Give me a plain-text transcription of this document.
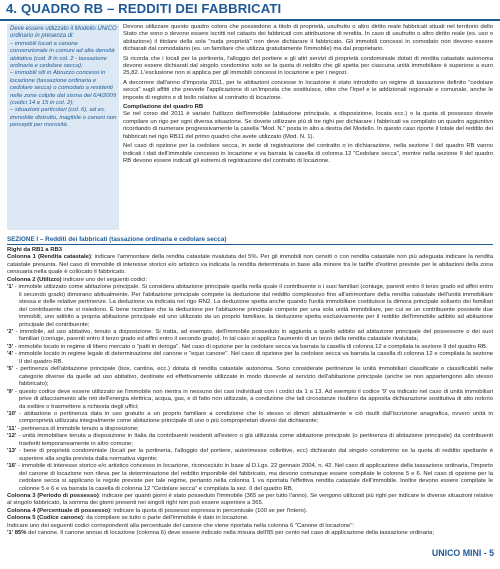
4. QUADRO RB – REDDITI DEI FABBRICATI

Deve essere utilizzato il Modello UNICO ordinario in presenza di:

– immobili locati a canone convenzionale in comuni ad alta densità abitativa (cod. 8 in col. 2 - tassazione ordinaria e cedolare secca);

– immobili siti in Abruzzo concessi in locazione (tassazione ordinaria e cedolare secca) o comodato a residenti nelle zone colpite dal sisma del 6/4/2009 (codici 14 e 15 in col. 2);

– situazioni particolari (col. 6), ad es. immobile distrutto, inagibile o canoni non percepiti per morosità.

Devono utilizzare questo quadro coloro che possiedono a titolo di proprietà, usufrutto o altro diritto reale fabbricati situati nel territorio dello Stato che sono o devono essere iscritti nel catasto dei fabbricati con attribuzione di rendita. In caso di usufrutto o altro diritto reale (es. uso o abitazione) il titolare della sola "nuda proprietà" non deve dichiarare il fabbricato. Gli immobili concessi in comodato non devono essere dichiarati dal comodatario (es. un familiare che utilizza gratuitamente l'immobile) ma dal proprietario.

Si ricorda che i locali per la portineria, l'alloggio del portiere e gli altri servizi di proprietà condominiale dotati di rendita catastale autonoma devono essere dichiarati dal singolo condomino solo se la quota di reddito che gli spetta per ciascuna unità immobiliare è superiore a euro 25,82. L'esclusione non si applica per gli immobili concessi in locazione e per i negozi.

A decorrere dall'anno d'imposta 2011, per le abitazioni concesse in locazione è stato introdotto un regime di tassazione definito "cedolare secca" sugli affitti che prevede l'applicazione di un'imposta che sostituisce, oltre che l'Irpef e le addizionali regionale e comunale, anche le imposte di registro e di bollo relative al contratto di locazione.

Compilazione del quadro RB

Se nel corso del 2011 è variato l'utilizzo dell'immobile (abitazione principale, a disposizione, locata ecc.) o la quota di possesso dovete compilare un rigo per ogni diversa situazione. Se dovete utilizzare più di tre righi per dichiarare i fabbricati va compilato un quadro aggiuntivo ricordando di numerare progressivamente la casella "Mod. N." posta in alto a destra del Modello. In questo caso riporte il totale del reddito dei fabbricati nel rigo RB11 del primo quadro che avete utilizzato (Mod. N. 1).

Nel caso di opzione per la cedolare secca, in sede di registrazione del contratto o in dichiarazione, nella sezione I del quadro RB vanno indicati i dati dell'immobile concesso in locazione e va barrata la casella di colonna 12 "Cedolare secca", mentre nella sezione II del quadro RB devono essere indicati gli estremi di registrazione del contratto di locazione.

SEZIONE I – Redditi dei fabbricati (tassazione ordinaria e cedolare secca)

Righi da RB1 a RB3

Colonna 1 (Rendita catastale): indicare l'ammontare della rendita catastale rivalutata del 5%. Per gli immobili non censiti o con rendita catastale non più adeguata indicare la rendita catastale presunta. Nel caso di immobile di interesse storico e/o artistico va indicata la rendita determinata in base alla minore tra le tariffe d'estimo previste per le abitazioni della zona censuaria nella quale è collocato il fabbricato.

Colonna 2 (Utilizzo) indicare uno dei seguenti codici:

'1' - immobile utilizzato come abitazione principale. Si considera abitazione principale quella nella quale il contribuente o i suoi familiari (coniuge, parenti entro il terzo grado ed affini entro il secondo grado) dimorano abitualmente. Per l'abitazione principale compete la deduzione dal reddito complessivo fino all'ammontare della rendita catastale dell'unità immobiliare stessa e delle relative pertinenze. La deduzione va indicata nel rigo RN2. La deduzione spetta anche quando l'unità immobiliare costituisce la dimora principale soltanto dei familiari del contribuente che vi risiedono. È bene ricordare che la deduzione per l'abitazione principale compete per una sola unità immobiliare, per cui se un contribuente possiede due immobili, uno adibito a propria abitazione principale ed uno utilizzato da un proprio familiare, la deduzione spetta esclusivamente per il reddito dell'immobile adibito ad abitazione principale del contribuente;

'2' - immobile, ad uso abitativo, tenuto a disposizione. Si tratta, ad esempio, dell'immobile posseduto in aggiunta a quello adibito ad abitazione principale del possessore o dei suoi familiari (coniuge, parenti entro il terzo grado ed affini entro il secondo grado). In tal caso si applica l'aumento di un terzo della rendita catastale rivalutata;

'3' - immobile locato in regime di libero mercato o "patti in deroga". Nel caso di opzione per la cedolare secca va barrata la casella di colonna 12 e compilata la sezione II del quadro RB.

'4' - immobile locato in regime legale di determinazione del canone o "equo canone". Nel caso di opzione per la cedolare secca va barrata la casella di colonna 12 e compilata la sezione II del quadro RB.

'5' - pertinenza dell'abitazione principale (box, cantina, ecc.) dotata di rendita catastale autonoma. Sono considerate pertinenze le unità immobiliari classificate o classificabili nelle categorie diverse da quelle ad uso abitativo, destinate ed effettivamente utilizzate in modo durevole al servizio dell'abitazione principale (anche se non appartengono allo stesso fabbricato);

'9' - questo codice deve essere utilizzato se l'immobile non rientra in nessuno dei casi individuati con i codici da 1 a 13. Ad esempio il codice '9' va indicato nel caso di unità immobiliari prive di allacciamento alle reti dell'energia elettrica, acqua, gas, e di fatto non utilizzate, a condizione che tali circostanze risultino da apposita dichiarazione sostitutiva di atto notorio da esibire o trasmettere a richiesta degli uffici;

'10' - abitazione o pertinenza data in uso gratuito a un proprio familiare a condizione che lo stesso vi dimori abitualmente e ciò risulti dall'iscrizione anagrafica, ovvero unità in comproprietà utilizzata integralmente come abitazione principale di uno o più comproprietari diversi dal dichiarante;

'11' - pertinenza di immobile tenuto a disposizione;

'12' - unità immobiliare tenuta a disposizione in Italia da contribuenti residenti all'estero o già utilizzata come abitazione principale (o pertinenza di abitazione principale) da contribuenti trasferiti temporaneamente in altro comune;

'13' - bene di proprietà condominiale (locali per la portineria, l'alloggio del portiere, autorimesse collettive, ecc) dichiarato dal singolo condomino se la quota di reddito spettante è superiore alla soglia prevista dalla normativa vigente;

'16' - immobile di interesse storico e/o artistico concesso in locazione, riconosciuto in base al D.Lgs. 22 gennaio 2004, n. 42. Nel caso di applicazione della tassazione ordinaria, l'importo del canone di locazione non rileva per la determinazione del reddito imponibile del fabbricato, ma devono comunque essere compilate le colonne 5 e 6. Nel caso di opzione per la cedolare secca si applicano le regole previste per tale regime, pertanto nella colonna 1 va riportata l'effettiva rendita catastale dell'immobile. Inoltre devono essere compilate le colonne 5 e 6 e va barrata la casella di colonna 12 "Cedolare secca" e compilata la sez. II del quadro RB.

Colonna 3 (Periodo di possesso): indicare per quanti giorni è stato posseduto l'immobile (365 se per tutto l'anno). Se vengono utilizzati più righi per indicare le diverse situazioni relative al singolo fabbricato, la somma dei giorni presenti nei singoli righi non può essere superiore a 365.

Colonna 4 (Percentuale di possesso): indicare la quota di possesso espressa in percentuale (100 se per l'intero).

Colonna 5 (Codice canone): da compilare se tutto o parte dell'immobile è dato in locazione.

Indicare uno dei seguenti codici corrispondenti alla percentuale del canone che viene riportata nella colonna 6 "Canone di locazione":

'1' 85% del canone. Il canone annuo di locazione (colonna 6) deve essere indicato nella misura dell'85 per cento nel caso di applicazione della tassazione ordinaria;

UNICO MINI - 5
